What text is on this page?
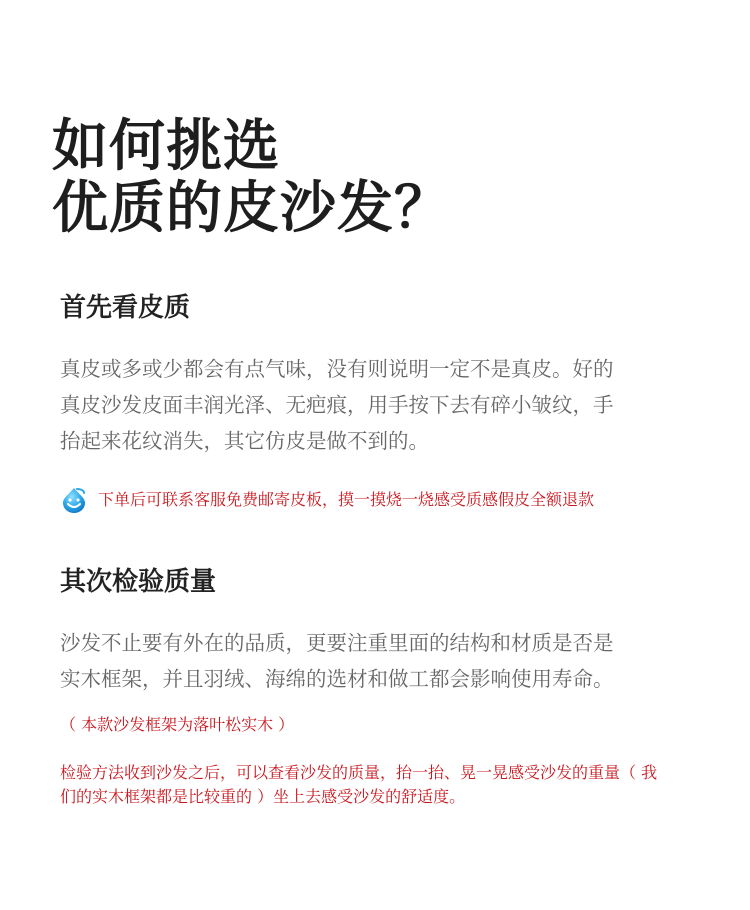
如何挑选
优质的皮沙发？
首先看皮质

真皮或多或少都会有点气味，没有则说明一定不是真皮。好的
真皮沙发皮面丰润光泽、无疤痕，用手按下去有碎小皱纹，手
抬起来花纹消失，其它仿皮是做不到的。

下单后可联系客服免费邮寄皮板，摸一摸烧一烧感受质感假皮全额退款
其次检验质量

沙发不止要有外在的品质，更要注重里面的结构和材质是否是
实木框架，并且羽绒、海绵的选材和做工都会影响使用寿命。

（ 本款沙发框架为落叶松实木 ）

检验方法收到沙发之后，可以查看沙发的质量，抬一抬、晃一晃感受沙发的重量（ 我
们的实木框架都是比较重的 ）坐上去感受沙发的舒适度。
